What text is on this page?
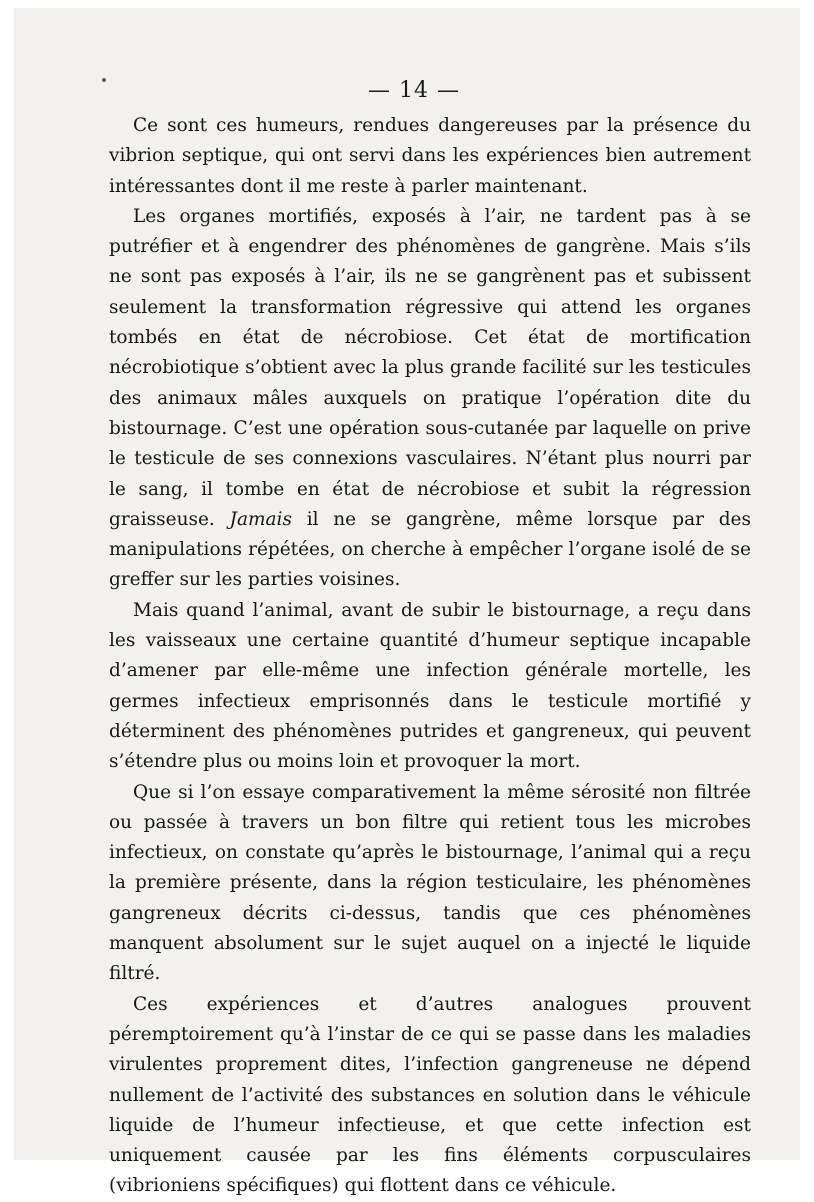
— 14 —

Ce sont ces humeurs, rendues dangereuses par la présence du vibrion septique, qui ont servi dans les expériences bien autrement intéressantes dont il me reste à parler maintenant.

Les organes mortifiés, exposés à l’air, ne tardent pas à se putréfier et à engendrer des phénomènes de gangrène. Mais s’ils ne sont pas exposés à l’air, ils ne se gangrènent pas et subissent seulement la transformation régressive qui attend les organes tombés en état de nécrobiose. Cet état de mortification nécrobiotique s’obtient avec la plus grande facilité sur les testicules des animaux mâles auxquels on pratique l’opération dite du bistournage. C’est une opération sous-cutanée par laquelle on prive le testicule de ses connexions vasculaires. N’étant plus nourri par le sang, il tombe en état de nécrobiose et subit la régression graisseuse. Jamais il ne se gangrène, même lorsque par des manipulations répétées, on cherche à empêcher l’organe isolé de se greffer sur les parties voisines.

Mais quand l’animal, avant de subir le bistournage, a reçu dans les vaisseaux une certaine quantité d’humeur septique incapable d’amener par elle-même une infection générale mortelle, les germes infectieux emprisonnés dans le testicule mortifié y déterminent des phénomènes putrides et gangreneux, qui peuvent s’étendre plus ou moins loin et provoquer la mort.

Que si l’on essaye comparativement la même sérosité non filtrée ou passée à travers un bon filtre qui retient tous les microbes infectieux, on constate qu’après le bistournage, l’animal qui a reçu la première présente, dans la région testiculaire, les phénomènes gangreneux décrits ci-dessus, tandis que ces phénomènes manquent absolument sur le sujet auquel on a injecté le liquide filtré.

Ces expériences et d’autres analogues prouvent péremptoirement qu’à l’instar de ce qui se passe dans les maladies virulentes proprement dites, l’infection gangreneuse ne dépend nullement de l’activité des substances en solution dans le véhicule liquide de l’humeur infectieuse, et que cette infection est uniquement causée par les fins éléments corpusculaires (vibrioniens spécifiques) qui flottent dans ce véhicule.
